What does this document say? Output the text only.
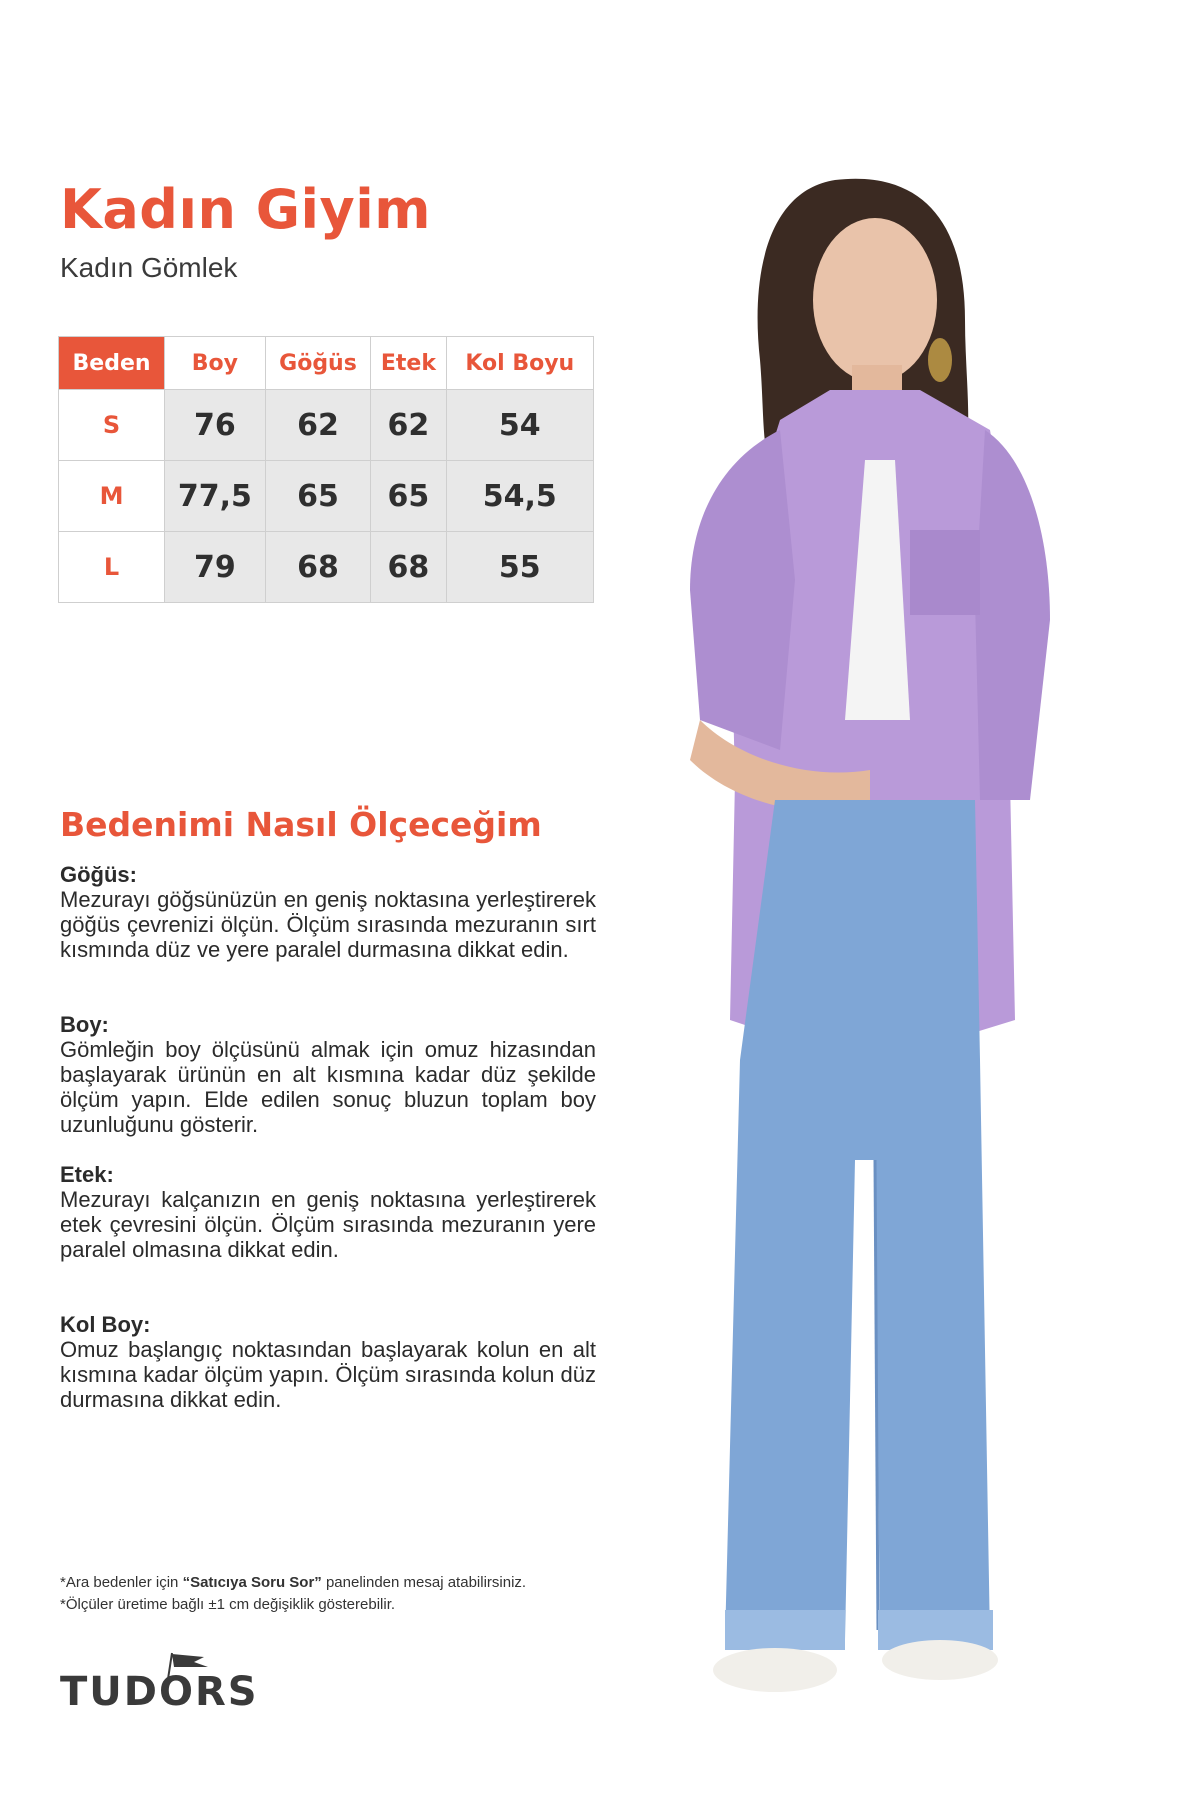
Kadın Giyim
Kadın Gömlek
Beden	Boy	Göğüs	Etek	Kol Boyu
S	76	62	62	54
M	77,5	65	65	54,5
L	79	68	68	55
Bedenimi Nasıl Ölçeceğim
Göğüs:

Mezurayı göğsünüzün en geniş noktasına yerleştirerek göğüs çevrenizi ölçün. Ölçüm sırasında mezuranın sırt kısmında düz ve yere paralel durmasına dikkat edin.

Boy:

Gömleğin boy ölçüsünü almak için omuz hizasından başlayarak ürünün en alt kısmına kadar düz şekilde ölçüm yapın. Elde edilen sonuç bluzun toplam boy uzunluğunu gösterir.

Etek:

Mezurayı kalçanızın en geniş noktasına yerleştirerek etek çevresini ölçün. Ölçüm sırasında mezuranın yere paralel olmasına dikkat edin.

Kol Boy:

Omuz başlangıç noktasından başlayarak kolun en alt kısmına kadar ölçüm yapın. Ölçüm sırasında kolun düz durmasına dikkat edin.

*Ara bedenler için “Satıcıya Soru Sor” panelinden mesaj atabilirsiniz.
*Ölçüler üretime bağlı ±1 cm değişiklik gösterebilir.
TUDORS
